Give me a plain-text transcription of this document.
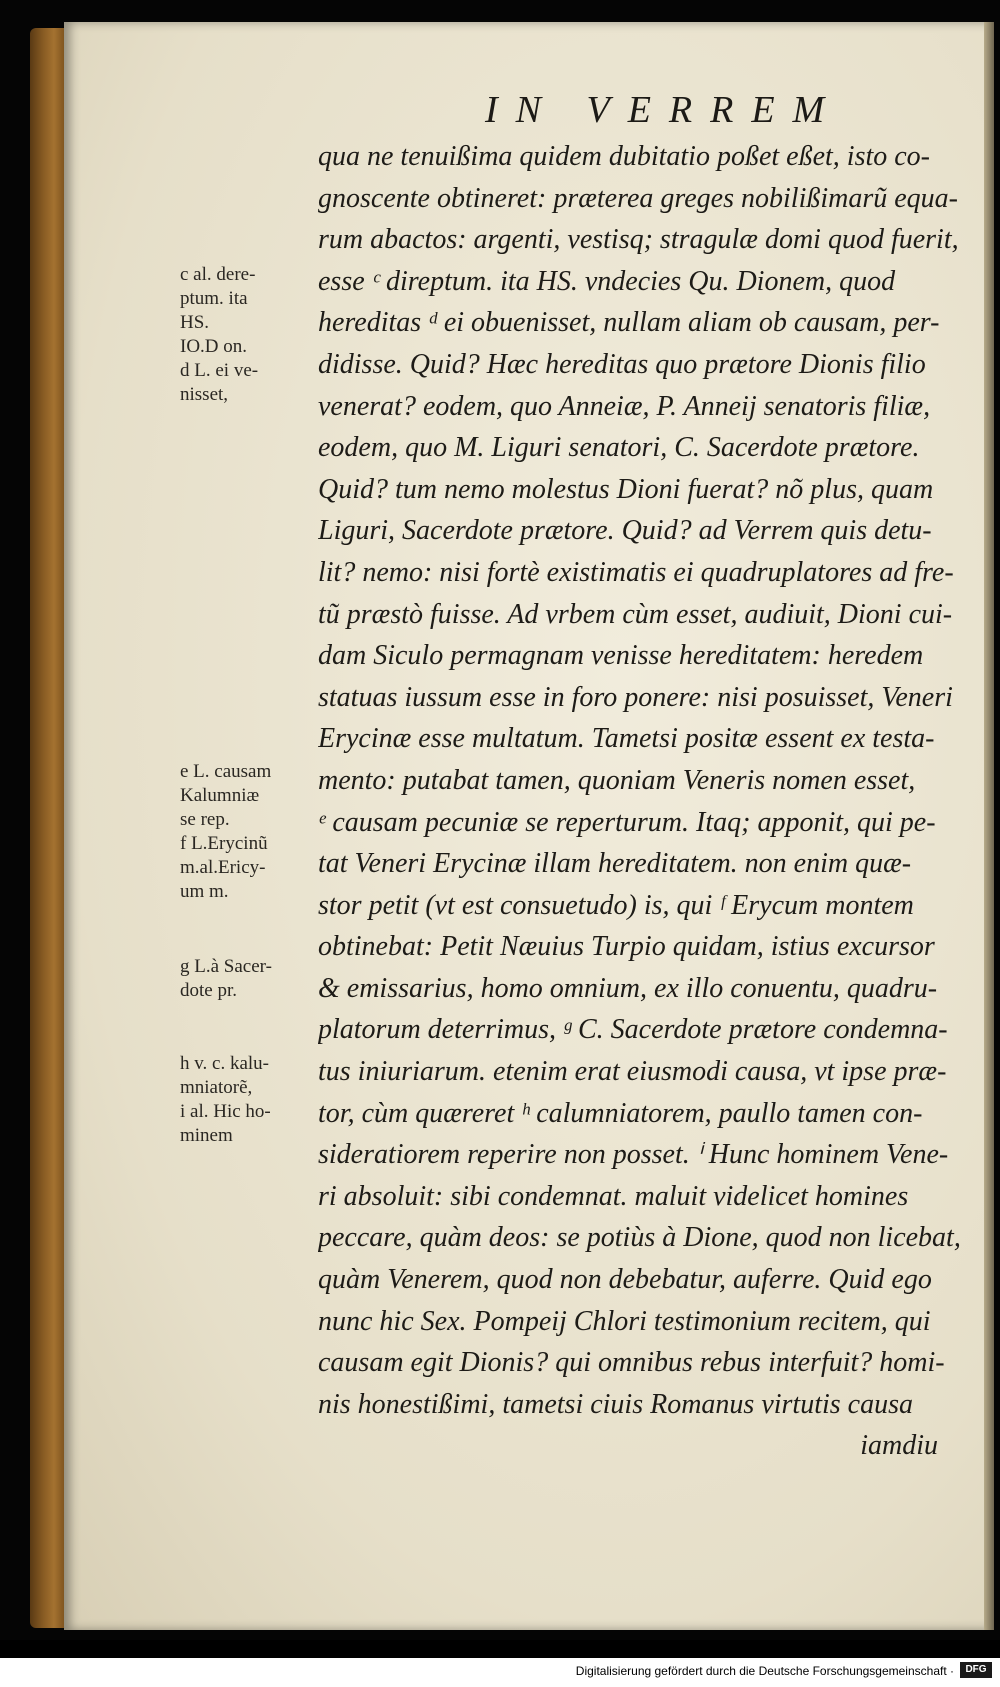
IN VERREM
qua ne tenuißima quidem dubitatio poßet eßet, isto co-
gnoscente obtineret: præterea greges nobilißimarũ equa-
rum abactos: argenti, vestisq; stragulæ domi quod fuerit,
esse ᶜ direptum. ita HS. vndecies Qu. Dionem, quod
hereditas ᵈ ei obuenisset, nullam aliam ob causam, per-
didisse. Quid? Hæc hereditas quo prætore Dionis filio
venerat? eodem, quo Anneiæ, P. Anneij senatoris filiæ,
eodem, quo M. Liguri senatori, C. Sacerdote prætore.
Quid? tum nemo molestus Dioni fuerat? nõ plus, quam
Liguri, Sacerdote prætore. Quid? ad Verrem quis detu-
lit? nemo: nisi fortè existimatis ei quadruplatores ad fre-
tũ præstò fuisse. Ad vrbem cùm esset, audiuit, Dioni cui-
dam Siculo permagnam venisse hereditatem: heredem
statuas iussum esse in foro ponere: nisi posuisset, Veneri
Erycinæ esse multatum. Tametsi positæ essent ex testa-
mento: putabat tamen, quoniam Veneris nomen esset,
ᵉ causam pecuniæ se reperturum. Itaq; apponit, qui pe-
tat Veneri Erycinæ illam hereditatem. non enim quæ-
stor petit (vt est consuetudo) is, qui ᶠ Erycum montem
obtinebat: Petit Næuius Turpio quidam, istius excursor
& emissarius, homo omnium, ex illo conuentu, quadru-
platorum deterrimus, ᵍ C. Sacerdote prætore condemna-
tus iniuriarum. etenim erat eiusmodi causa, vt ipse præ-
tor, cùm quæreret ʰ calumniatorem, paullo tamen con-
sideratiorem reperire non posset. ⁱ Hunc hominem Vene-
ri absoluit: sibi condemnat. maluit videlicet homines
peccare, quàm deos: se potiùs à Dione, quod non licebat,
quàm Venerem, quod non debebatur, auferre. Quid ego
nunc hic Sex. Pompeij Chlori testimonium recitem, qui
causam egit Dionis? qui omnibus rebus interfuit? homi-
nis honestißimi, tametsi ciuis Romanus virtutis causa
iamdiu
c al. dere-
ptum. ita
HS.
IO.D on.
d L. ei ve-
nisset,
e L. causam
Kalumniæ
se rep.
f L.Erycinũ
m.al.Ericy-
um m.
g L.à Sacer-
dote pr.
h v. c. kalu-
mniatorẽ,
i al. Hic ho-
minem
Digitalisierung gefördert durch die Deutsche Forschungsgemeinschaft ·	DFG
